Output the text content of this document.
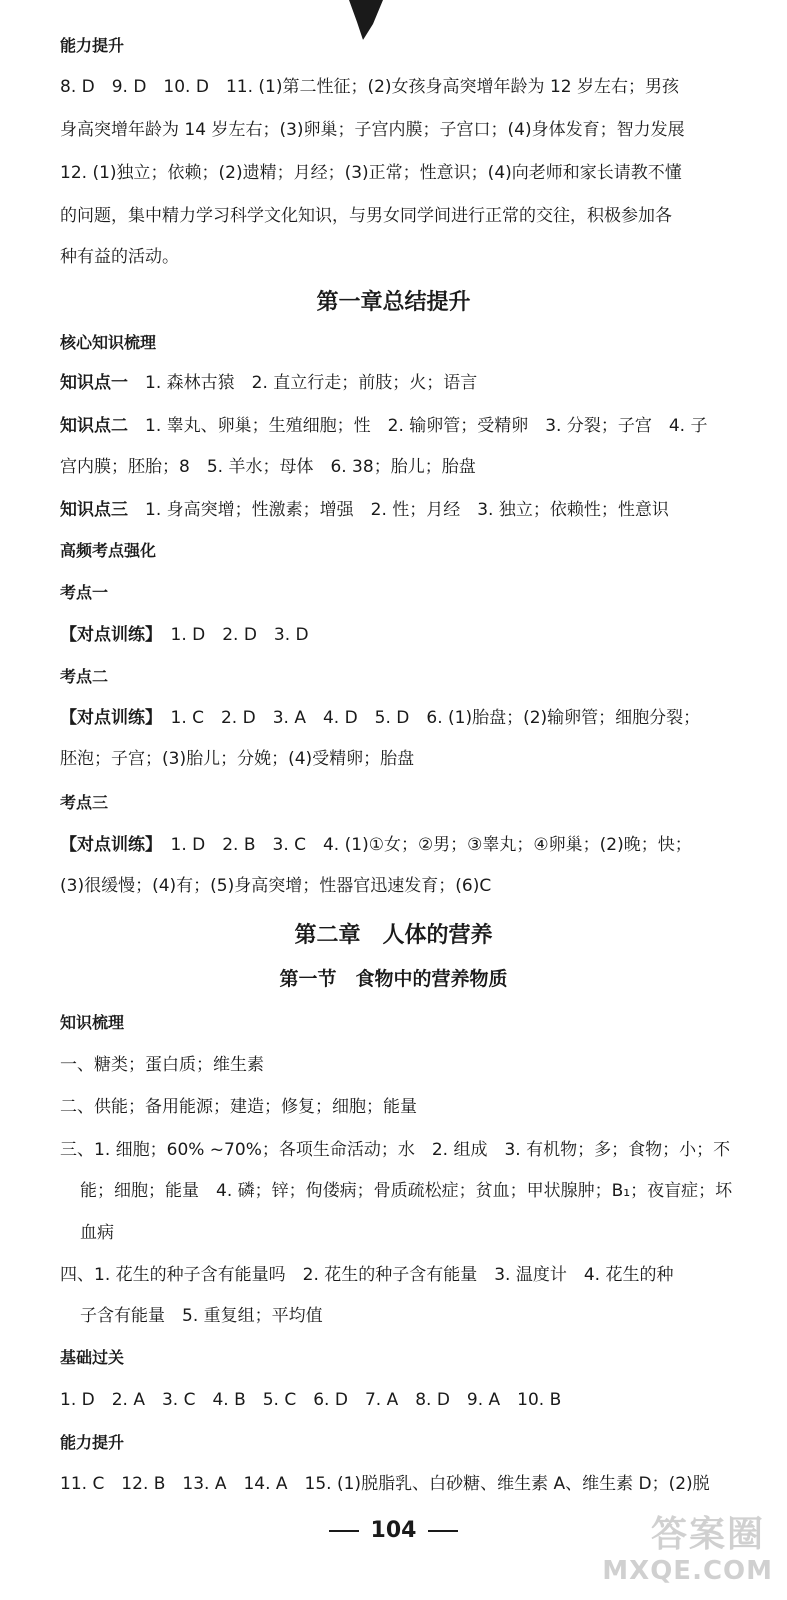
能力提升
8. D　9. D　10. D　11. (1)第二性征；(2)女孩身高突增年龄为 12 岁左右；男孩
身高突增年龄为 14 岁左右；(3)卵巢；子宫内膜；子宫口；(4)身体发育；智力发展
12. (1)独立；依赖；(2)遗精；月经；(3)正常；性意识；(4)向老师和家长请教不懂
的问题，集中精力学习科学文化知识，与男女同学间进行正常的交往，积极参加各
种有益的活动。
第一章总结提升
核心知识梳理
知识点一　 1. 森林古猿　2. 直立行走；前肢；火；语言
知识点二　 1. 睾丸、卵巢；生殖细胞；性　2. 输卵管；受精卵　3. 分裂；子宫　4. 子
宫内膜；胚胎；8　5. 羊水；母体　6. 38；胎儿；胎盘
知识点三　 1. 身高突增；性激素；增强　2. 性；月经　3. 独立；依赖性；性意识
高频考点强化
考点一
【对点训练】　 1. D　2. D　3. D
考点二
【对点训练】　 1. C　2. D　3. A　4. D　5. D　6. (1)胎盘；(2)输卵管；细胞分裂；
胚泡；子宫；(3)胎儿；分娩；(4)受精卵；胎盘
考点三
【对点训练】　 1. D　2. B　3. C　4. (1)①女；②男；③睾丸；④卵巢；(2)晚；快；
(3)很缓慢；(4)有；(5)身高突增；性器官迅速发育；(6)C
第二章　人体的营养
第一节　食物中的营养物质
知识梳理
一、糖类；蛋白质；维生素
二、供能；备用能源；建造；修复；细胞；能量
三、1. 细胞；60% ~70%；各项生命活动；水　2. 组成　3. 有机物；多；食物；小；不
能；细胞；能量　4. 磷；锌；佝偻病；骨质疏松症；贫血；甲状腺肿；B₁；夜盲症；坏
血病
四、1. 花生的种子含有能量吗　2. 花生的种子含有能量　3. 温度计　4. 花生的种
子含有能量　5. 重复组；平均值
基础过关
1. D　2. A　3. C　4. B　5. C　6. D　7. A　8. D　9. A　10. B
能力提升
11. C　12. B　13. A　14. A　15. (1)脱脂乳、白砂糖、维生素 A、维生素 D；(2)脱
104	答案圈
MXQE.COM
